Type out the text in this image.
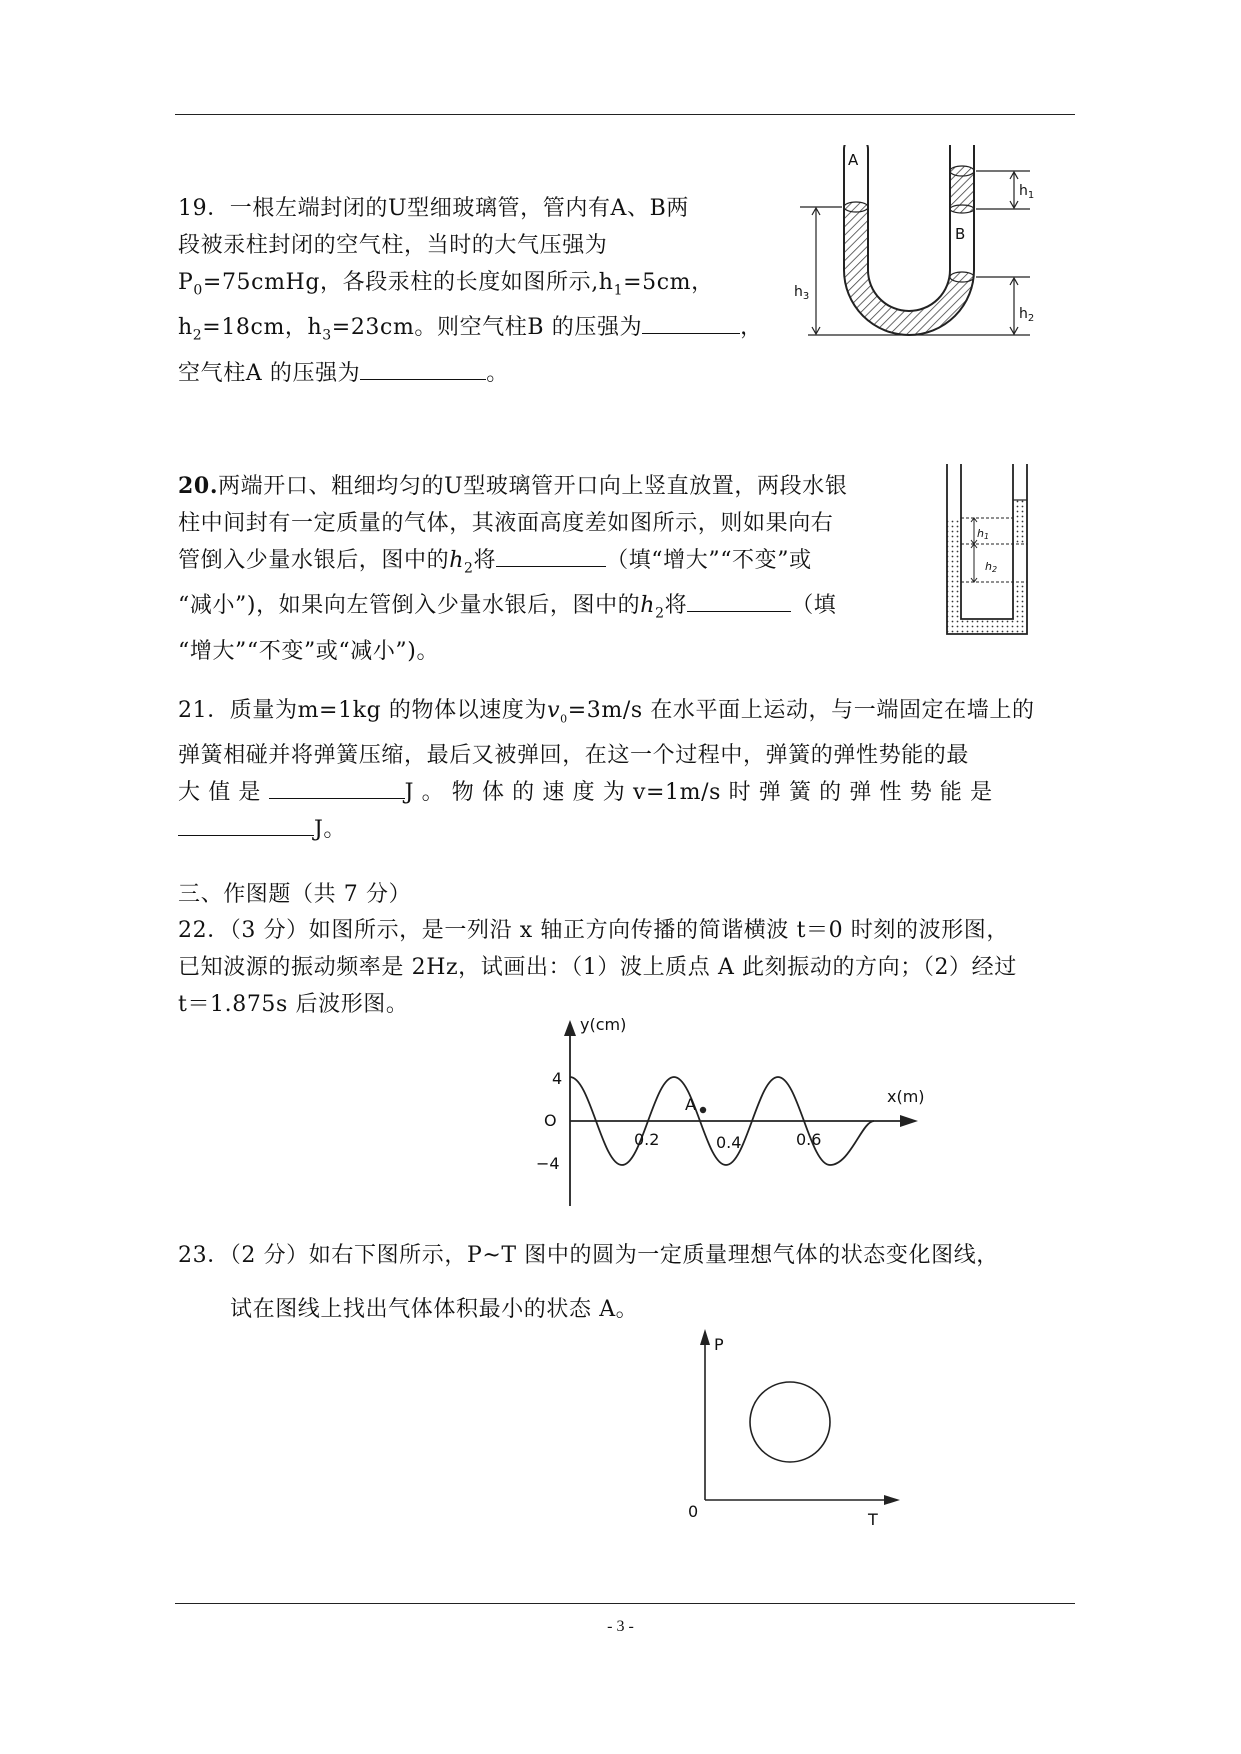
19．一根左端封闭的U型细玻璃管，管内有A、B两

段被汞柱封闭的空气柱，当时的大气压强为

$P_0=75cmHg$，各段汞柱的长度如图所示$,h_1=5cm$，

$h_2=18cm$，$h_3=23cm$。则空气柱B 的压强为	，

空气柱A 的压强为	。

A
B
$h_1$
$h_2$
$h_3$

20.两端开口、粗细均匀的U型玻璃管开口向上竖直放置，两段水银

柱中间封有一定质量的气体，其液面高度差如图所示，则如果向右

管倒入少量水银后，图中的$h_2$将	（填“增大”“不变”或

“减小”)，如果向左管倒入少量水银后，图中的$h_2$将	（填

“增大”“不变”或“减小”)。

h1
h2

21．质量为m=1kg 的物体以速度为$v_0=3m/s$ 在水平面上运动，与一端固定在墙上的

弹簧相碰并将弹簧压缩，最后又被弹回，在这一个过程中，弹簧的弹性势能的最

大 值 是	J 。 物 体 的 速 度 为 v=1m/s 时 弹 簧 的 弹 性 势 能 是

J。

三、作图题（共 7 分）

22．（3 分）如图所示，是一列沿 x 轴正方向传播的简谐横波 t＝0 时刻的波形图，

已知波源的振动频率是 2Hz，试画出：（1）波上质点 A 此刻振动的方向；（2）经过

t＝1.875s 后波形图。

A
y(cm)
x(m)
O
4
−4
0.2	0.4	0.6

23．（2 分）如右下图所示，P~T 图中的圆为一定质量理想气体的状态变化图线，

试在图线上找出气体体积最小的状态 A。

P
T
0
- 3 -
